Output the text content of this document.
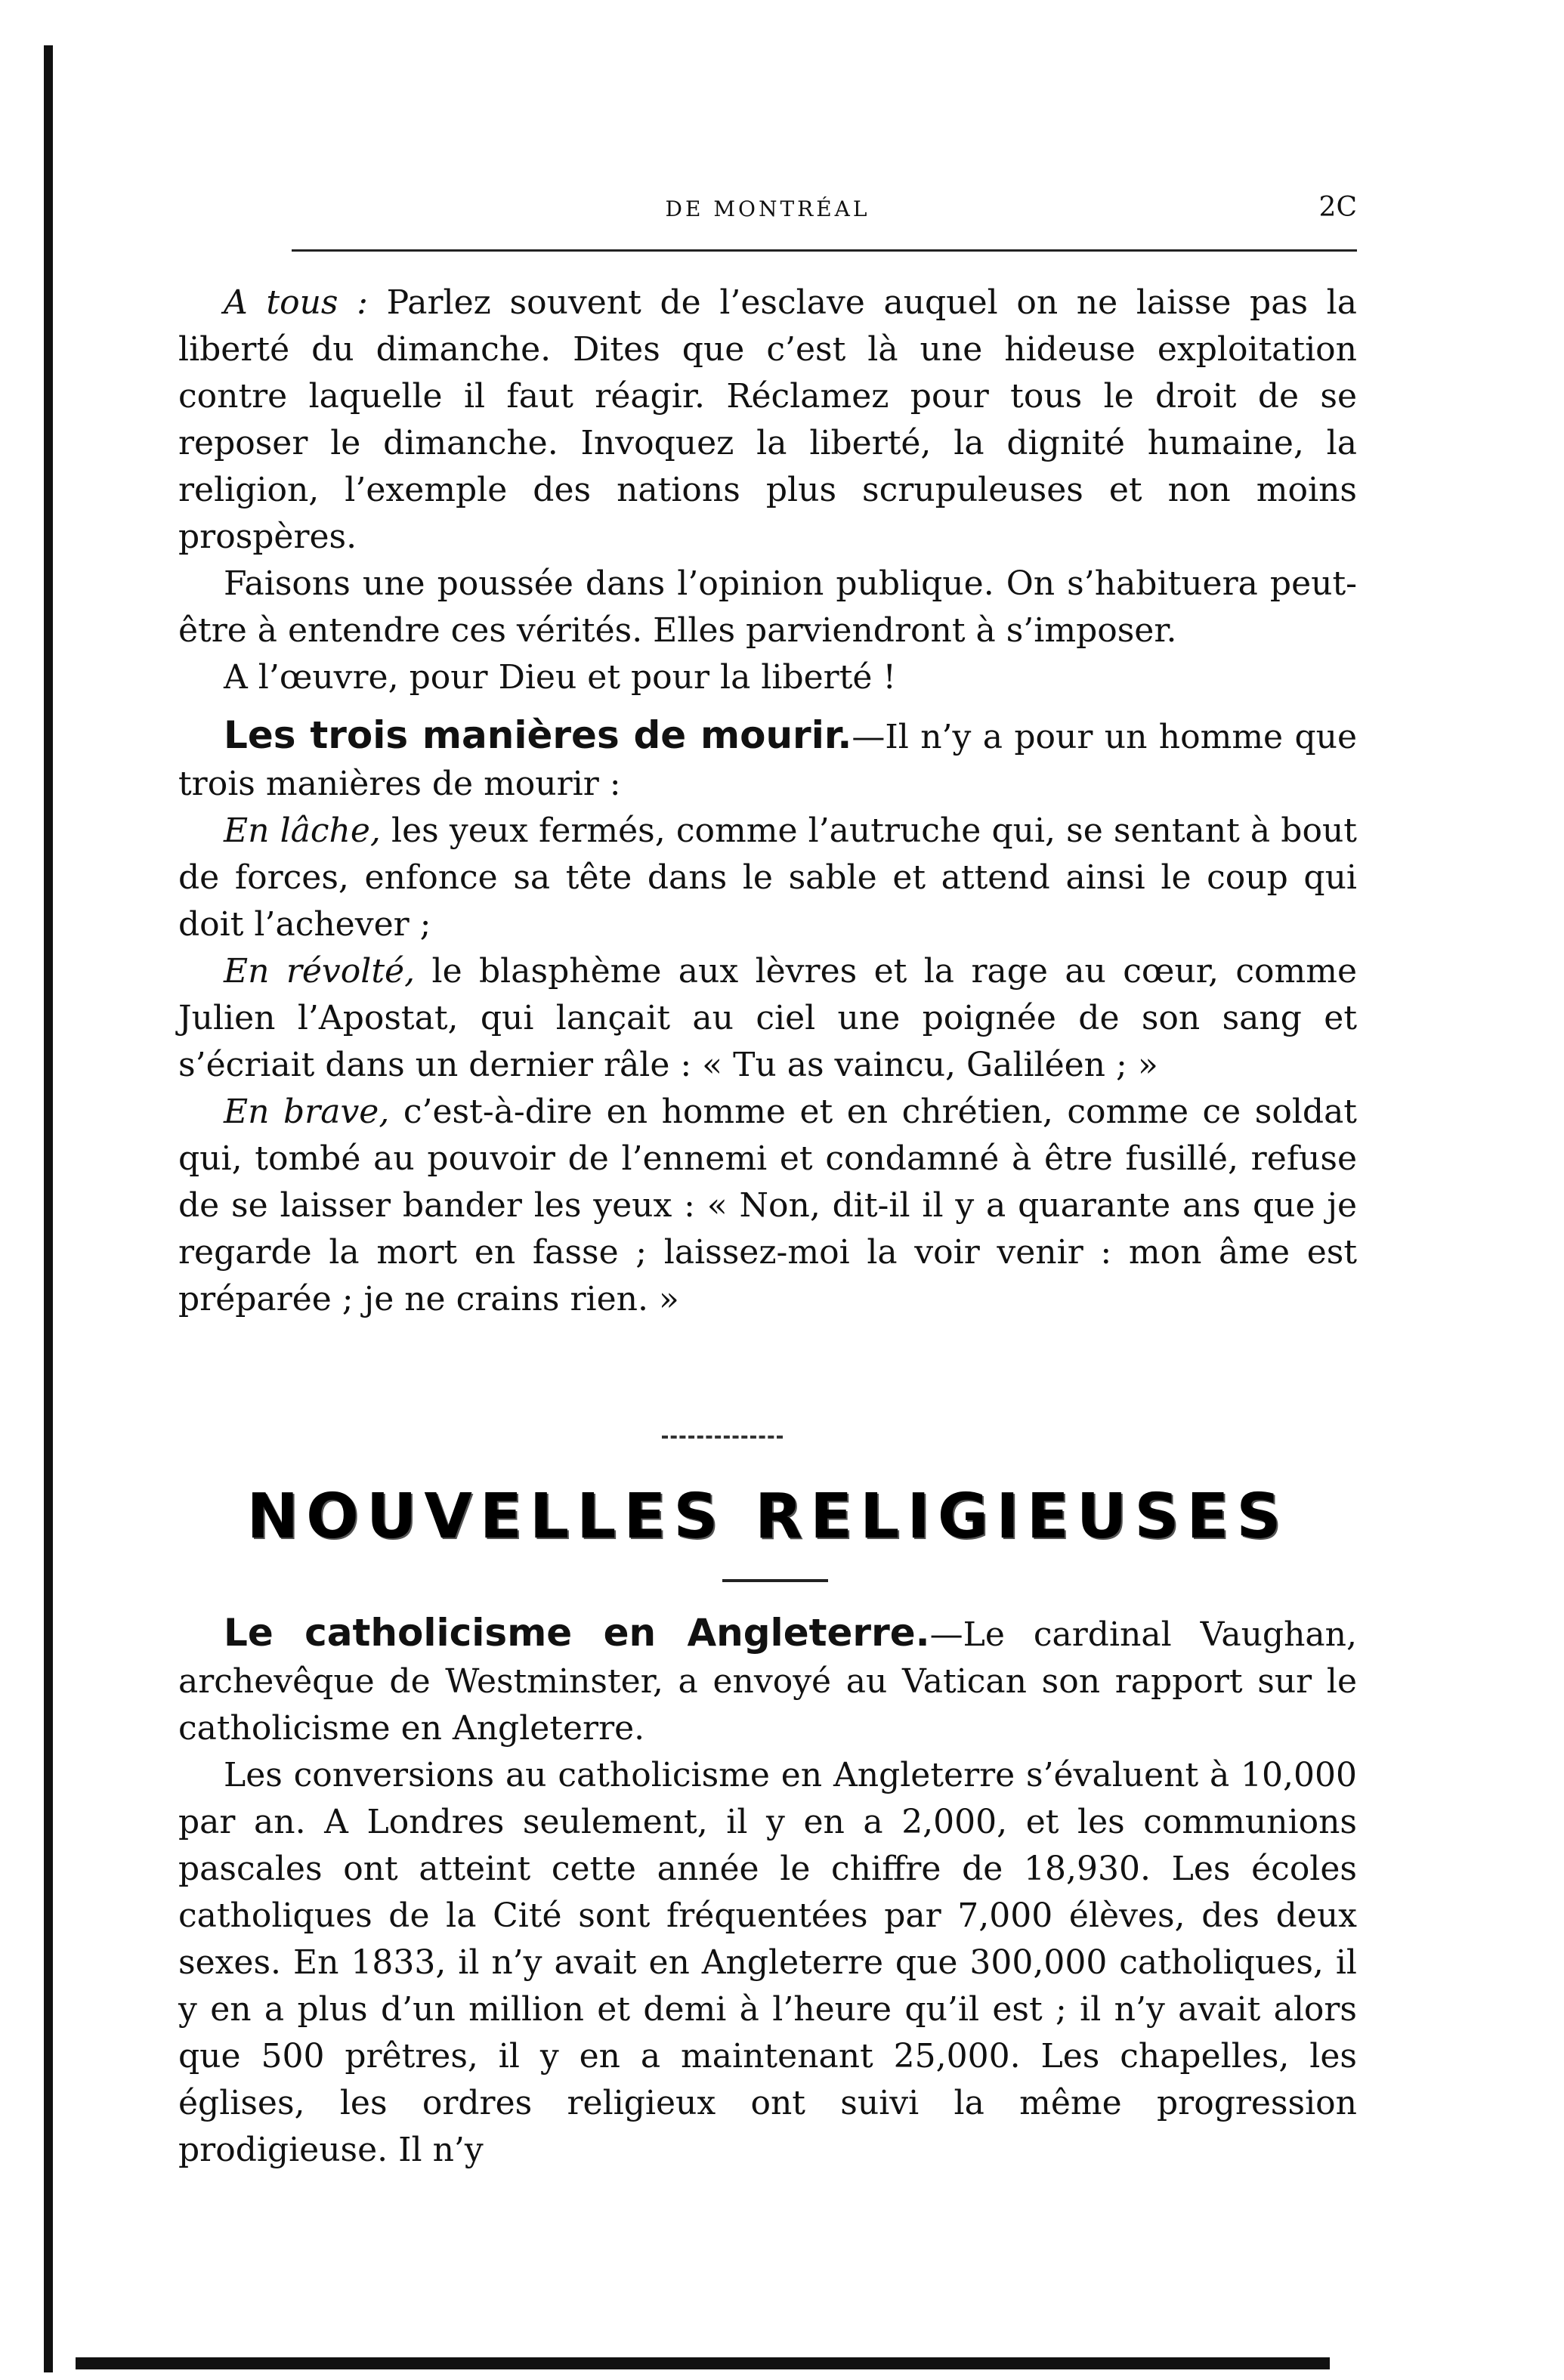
DE MONTRÉAL	2C

A tous : Parlez souvent de l’esclave auquel on ne laisse pas la liberté du dimanche. Dites que c’est là une hideuse exploitation contre laquelle il faut réagir. Réclamez pour tous le droit de se reposer le dimanche. Invoquez la liberté, la dignité humaine, la religion, l’exemple des nations plus scrupuleuses et non moins prospères.

Faisons une poussée dans l’opinion publique. On s’habituera peut-être à entendre ces vérités. Elles parviendront à s’imposer.

A l’œuvre, pour Dieu et pour la liberté !

Les trois manières de mourir.—Il n’y a pour un homme que trois manières de mourir :

En lâche, les yeux fermés, comme l’autruche qui, se sentant à bout de forces, enfonce sa tête dans le sable et attend ainsi le coup qui doit l’achever ;

En révolté, le blasphème aux lèvres et la rage au cœur, comme Julien l’Apostat, qui lançait au ciel une poignée de son sang et s’écriait dans un dernier râle : « Tu as vaincu, Galiléen ; »

En brave, c’est-à-dire en homme et en chrétien, comme ce soldat qui, tombé au pouvoir de l’ennemi et condamné à être fusillé, refuse de se laisser bander les yeux : « Non, dit-il il y a quarante ans que je regarde la mort en fasse ; laissez-moi la voir venir : mon âme est préparée ; je ne crains rien. »

NOUVELLES RELIGIEUSES

Le catholicisme en Angleterre.—Le cardinal Vaughan, archevêque de Westminster, a envoyé au Vatican son rapport sur le catholicisme en Angleterre.

Les conversions au catholicisme en Angleterre s’évaluent à 10,000 par an. A Londres seulement, il y en a 2,000, et les communions pascales ont atteint cette année le chiffre de 18,930. Les écoles catholiques de la Cité sont fréquentées par 7,000 élèves, des deux sexes. En 1833, il n’y avait en Angleterre que 300,000 catholiques, il y en a plus d’un million et demi à l’heure qu’il est ; il n’y avait alors que 500 prêtres, il y en a maintenant 25,000. Les chapelles, les églises, les ordres religieux ont suivi la même progression prodigieuse. Il n’y
